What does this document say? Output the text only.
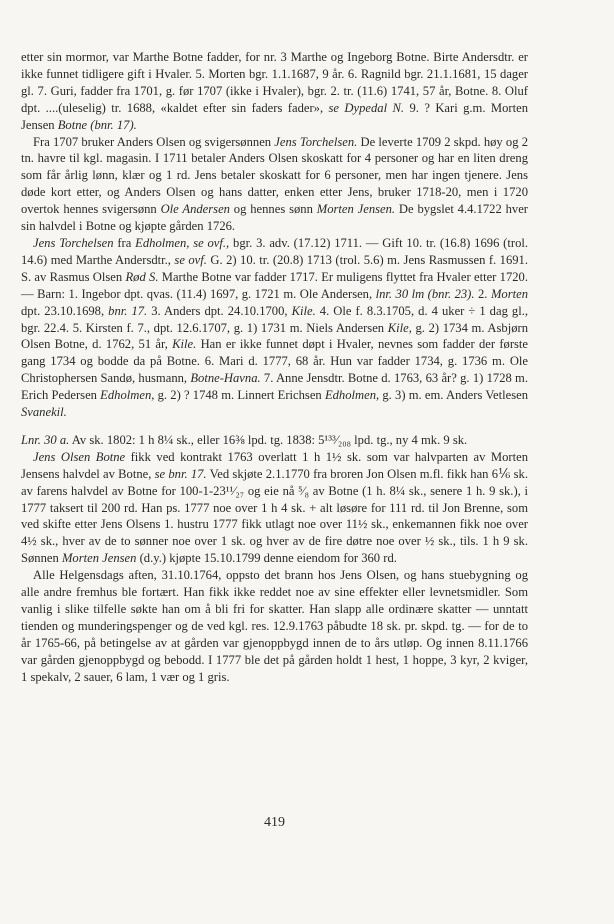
etter sin mormor, var Marthe Botne fadder, for nr. 3 Marthe og Ingeborg Botne. Birte Andersdtr. er ikke funnet tidligere gift i Hvaler. 5. Morten bgr. 1.1.1687, 9 år. 6. Ragnild bgr. 21.1.1681, 15 dager gl. 7. Guri, fadder fra 1701, g. før 1707 (ikke i Hvaler), bgr. 2. tr. (11.6) 1741, 57 år, Botne. 8. Oluf dpt. ....(uleselig) tr. 1688, «kaldet efter sin faders fader», se Dypedal N. 9. ? Kari g.m. Morten Jensen Botne (bnr. 17).

Fra 1707 bruker Anders Olsen og svigersønnen Jens Torchelsen. De leverte 1709 2 skpd. høy og 2 tn. havre til kgl. magasin. I 1711 betaler Anders Olsen skoskatt for 4 personer og har en liten dreng som får årlig lønn, klær og 1 rd. Jens betaler skoskatt for 6 personer, men har ingen tjenere. Jens døde kort etter, og Anders Olsen og hans datter, enken etter Jens, bruker 1718-20, men i 1720 overtok hennes svigersønn Ole Andersen og hennes sønn Morten Jensen. De bygslet 4.4.1722 hver sin halvdel i Botne og kjøpte gården 1726.

Jens Torchelsen fra Edholmen, se ovf., bgr. 3. adv. (17.12) 1711. — Gift 10. tr. (16.8) 1696 (trol. 14.6) med Marthe Andersdtr., se ovf. G. 2) 10. tr. (20.8) 1713 (trol. 5.6) m. Jens Rasmussen f. 1691. S. av Rasmus Olsen Rød S. Marthe Botne var fadder 1717. Er muligens flyttet fra Hvaler etter 1720. — Barn: 1. Ingebor dpt. qvas. (11.4) 1697, g. 1721 m. Ole Andersen, lnr. 30 lm (bnr. 23). 2. Morten dpt. 23.10.1698, bnr. 17. 3. Anders dpt. 24.10.1700, Kile. 4. Ole f. 8.3.1705, d. 4 uker ÷ 1 dag gl., bgr. 22.4. 5. Kirsten f. 7., dpt. 12.6.1707, g. 1) 1731 m. Niels Andersen Kile, g. 2) 1734 m. Asbjørn Olsen Botne, d. 1762, 51 år, Kile. Han er ikke funnet døpt i Hvaler, nevnes som fadder der første gang 1734 og bodde da på Botne. 6. Mari d. 1777, 68 år. Hun var fadder 1734, g. 1736 m. Ole Christophersen Sandø, husmann, Botne-Havna. 7. Anne Jensdtr. Botne d. 1763, 63 år? g. 1) 1728 m. Erich Pedersen Edholmen, g. 2) ? 1748 m. Linnert Erichsen Edholmen, g. 3) m. em. Anders Vetlesen Svanekil.

Lnr. 30 a. Av sk. 1802: 1 h 8¼ sk., eller 16⅜ lpd. tg. 1838: 5¹³³⁄₂₀₈ lpd. tg., ny 4 mk. 9 sk.

Jens Olsen Botne fikk ved kontrakt 1763 overlatt 1 h 1½ sk. som var halvparten av Morten Jensens halvdel av Botne, se bnr. 17. Ved skjøte 2.1.1770 fra broren Jon Olsen m.fl. fikk han 6⅙ sk. av farens halvdel av Botne for 100-1-23¹¹⁄₂₇ og eie nå ⁵⁄₈ av Botne (1 h. 8¼ sk., senere 1 h. 9 sk.), i 1777 taksert til 200 rd. Han ps. 1777 noe over 1 h 4 sk. + alt løsøre for 111 rd. til Jon Brenne, som ved skifte etter Jens Olsens 1. hustru 1777 fikk utlagt noe over 11½ sk., enkemannen fikk noe over 4½ sk., hver av de to sønner noe over 1 sk. og hver av de fire døtre noe over ½ sk., tils. 1 h 9 sk. Sønnen Morten Jensen (d.y.) kjøpte 15.10.1799 denne eiendom for 360 rd.

Alle Helgensdags aften, 31.10.1764, oppsto det brann hos Jens Olsen, og hans stuebygning og alle andre fremhus ble fortært. Han fikk ikke reddet noe av sine effekter eller levnetsmidler. Som vanlig i slike tilfelle søkte han om å bli fri for skatter. Han slapp alle ordinære skatter — unntatt tienden og munderingspenger og de ved kgl. res. 12.9.1763 påbudte 18 sk. pr. skpd. tg. — for de to år 1765-66, på betingelse av at gården var gjenoppbygd innen de to års utløp. Og innen 8.11.1766 var gården gjenoppbygd og bebodd. I 1777 ble det på gården holdt 1 hest, 1 hoppe, 3 kyr, 2 kviger, 1 spekalv, 2 sauer, 6 lam, 1 vær og 1 gris.

419
